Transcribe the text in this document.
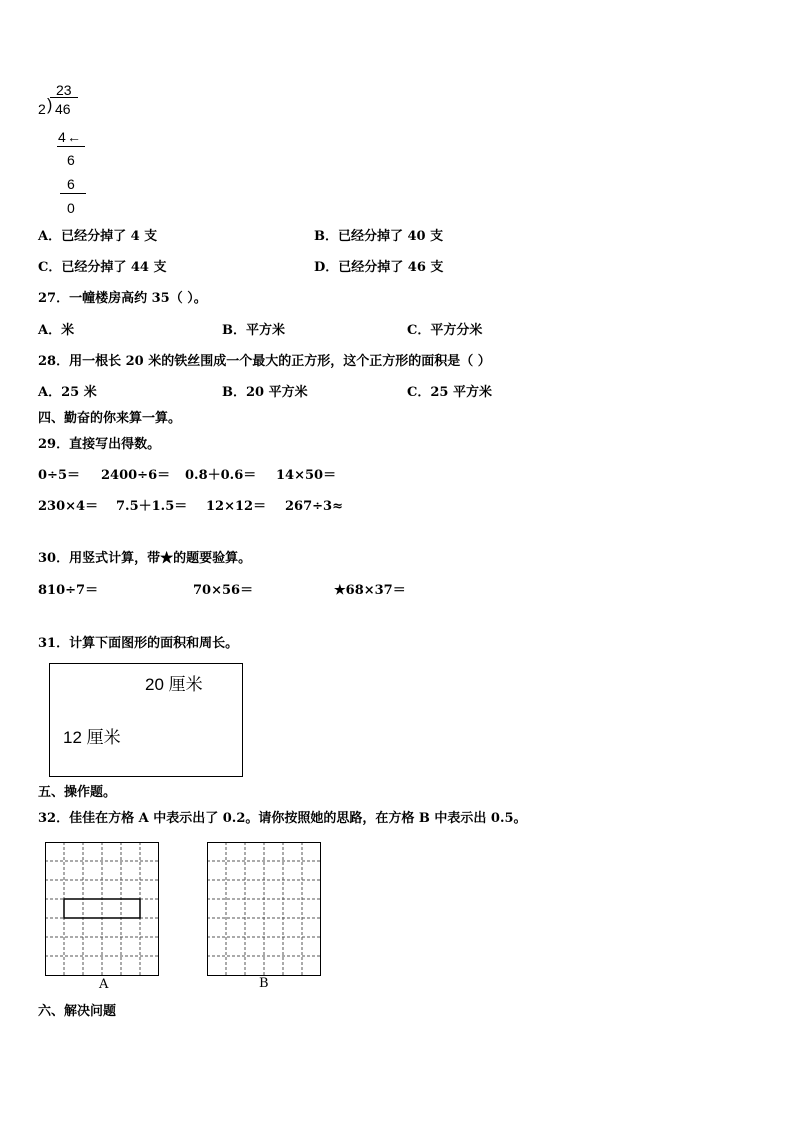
23
2 ) 46
4 ←
6
6
0
A．已经分掉了 4 支	B．已经分掉了 40 支
C．已经分掉了 44 支	D．已经分掉了 46 支
27．一幢楼房高约 35（ ）。
A．米	B．平方米	C．平方分米
28．用一根长 20 米的铁丝围成一个最大的正方形，这个正方形的面积是（ ）
A．25 米	B．20 平方米	C．25 平方米
四、勤奋的你来算一算。
29．直接写出得数。
0÷5＝ 2400÷6＝ 0.8＋0.6＝ 14×50＝
230×4＝ 7.5＋1.5＝ 12×12＝ 267÷3≈
30．用竖式计算，带★的题要验算。
810÷7＝	70×56＝	★68×37＝
31．计算下面图形的面积和周长。
20 厘米
12 厘米
五、操作题。
32．佳佳在方格 A 中表示出了 0.2。请你按照她的思路，在方格 B 中表示出 0.5。
A	B
六、解决问题
